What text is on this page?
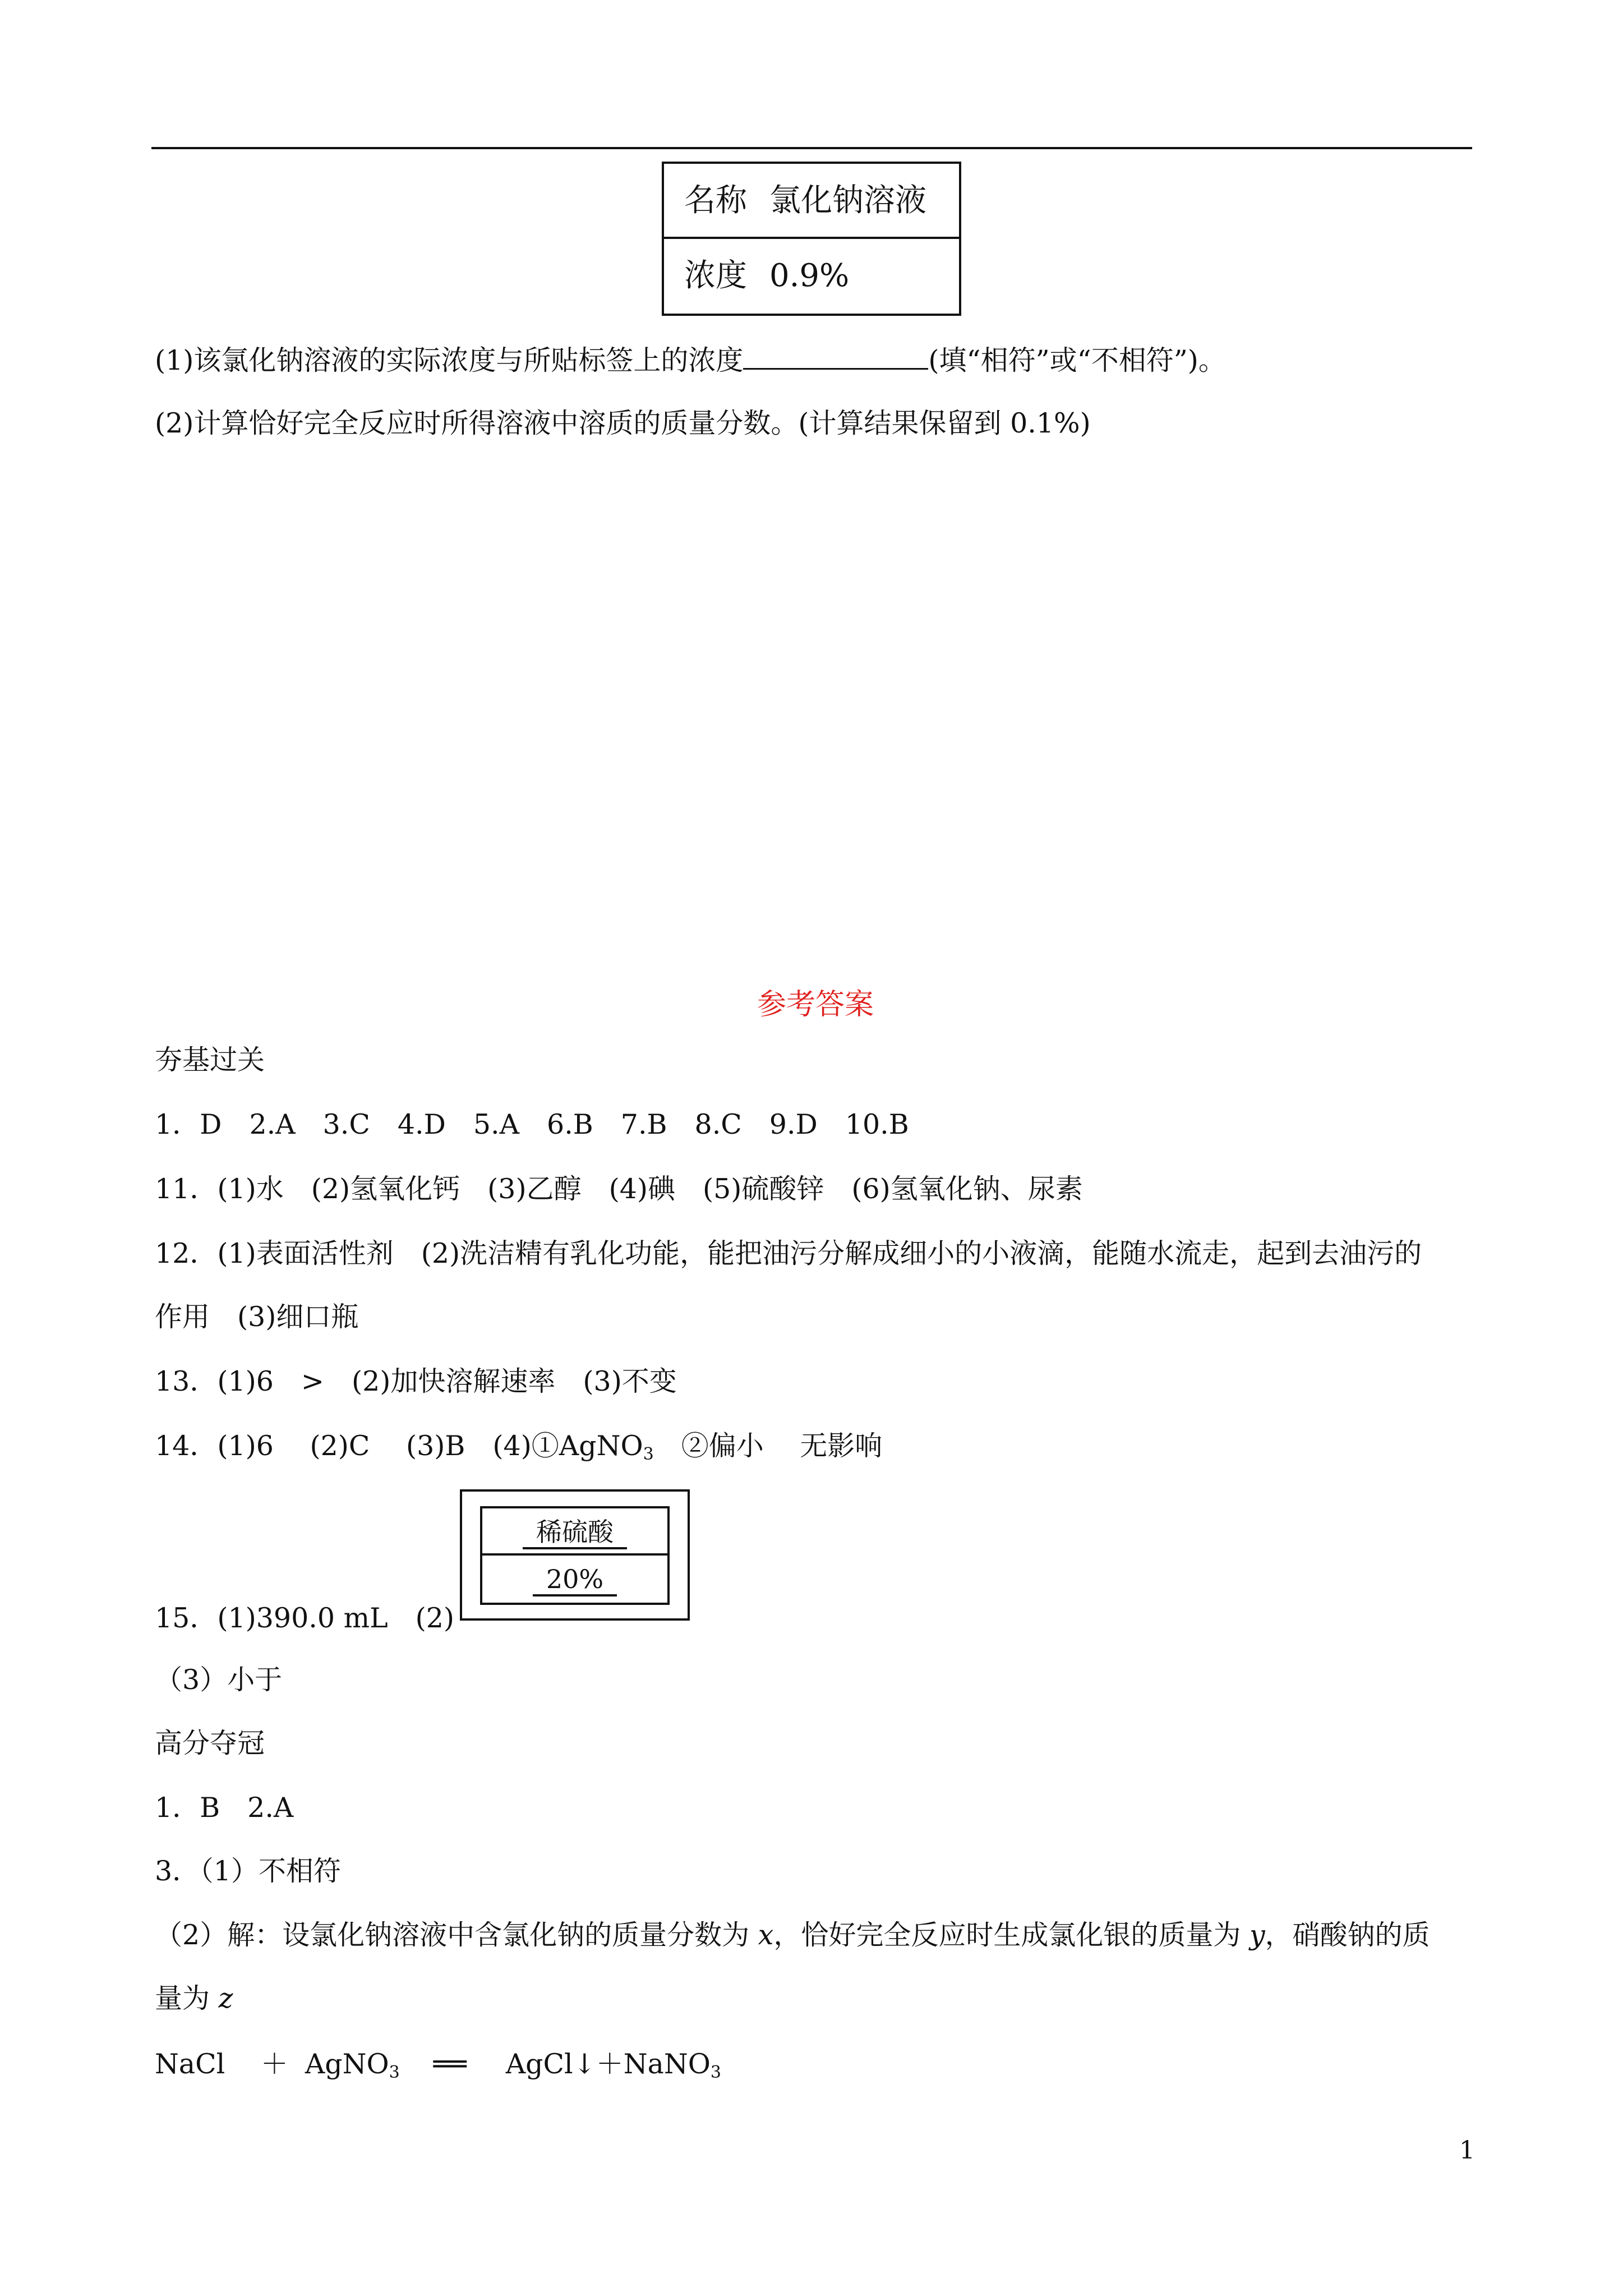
名称 氯化钠溶液
浓度 0.9%
(1)该氯化钠溶液的实际浓度与所贴标签上的浓度	(填“相符”或“不相符”)。
(2)计算恰好完全反应时所得溶液中溶质的质量分数。(计算结果保留到 0.1%)
参考答案
夯基过关
1．D　2.A　3.C　4.D　5.A　6.B　7.B　8.C　9.D　10.B
11．(1)水　(2)氢氧化钙　(3)乙醇　(4)碘　(5)硫酸锌　(6)氢氧化钠、尿素
12．(1)表面活性剂　(2)洗洁精有乳化功能，能把油污分解成细小的小液滴，能随水流走，起到去油污的
作用　(3)细口瓶
13．(1)6　>　(2)加快溶解速率　(3)不变
14．(1)6　 (2)C　 (3)B　(4)①AgNO$_3$　②偏小　 无影响
15．(1)390.0 mL　(2)
稀硫酸
20%
（3）小于
高分夺冠
1．B　2.A
3．（1）不相符
（2）解：设氯化钠溶液中含氯化钠的质量分数为 x，恰好完全反应时生成氯化银的质量为 y，硝酸钠的质
量为 z
NaCl ＋ AgNO$_3$ ══ AgCl↓＋NaNO$_3$
1
